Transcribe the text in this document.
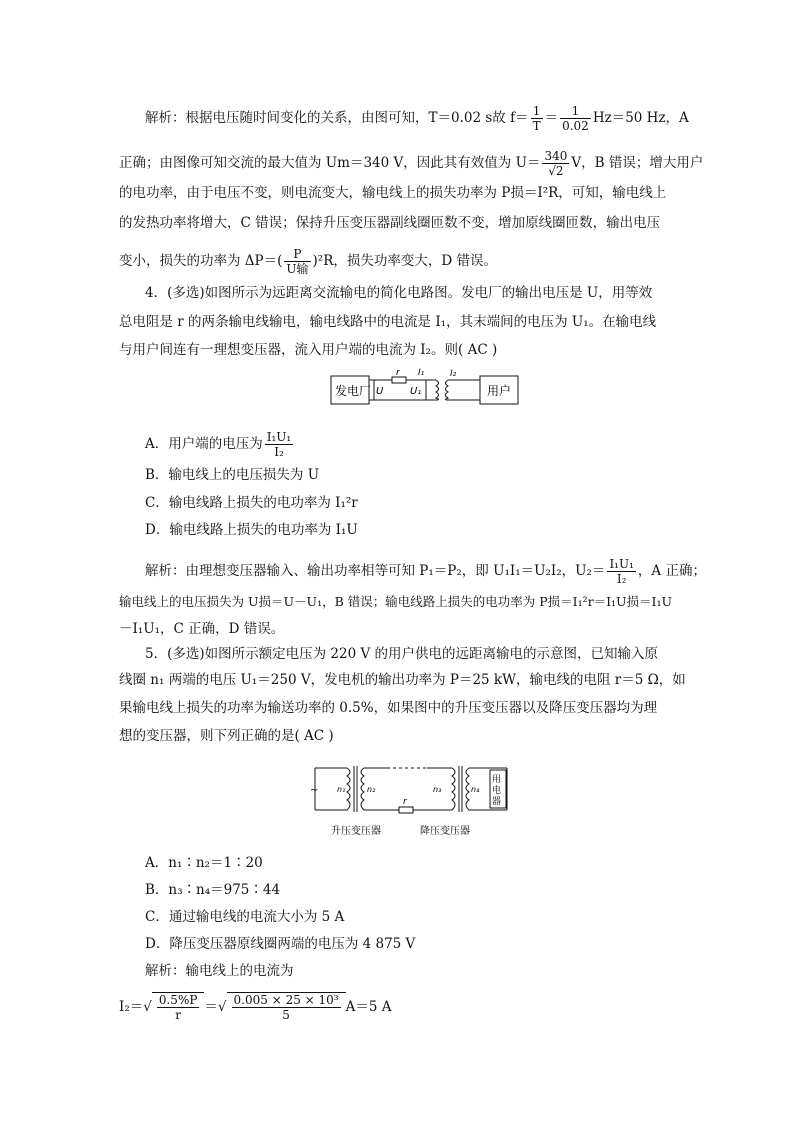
解析：根据电压随时间变化的关系，由图可知，T＝0.02 s故 $f= \frac{1}{T} = \frac{1}{0.02} Hz=50$ Hz，A
正确；由图像可知交流的最大值为 Um＝340 V，因此其有效值为 $U= \frac{340}{√2}$ V，B 错误；增大用户
的电功率，由于电压不变，则电流变大，输电线上的损失功率为 P损＝I²R，可知，输电线上
的发热功率将增大，C 错误；保持升压变压器副线圈匝数不变，增加原线圈匝数，输出电压
变小，损失的功率为 ΔP＝( P
U输 )²R，损失功率变大，D 错误。
4．(多选)如图所示为远距离交流输电的简化电路图。发电厂的输出电压是 U，用等效
总电阻是 r 的两条输电线输电，输电线路中的电流是 I₁，其末端间的电压为 U₁。在输电线
与用户间连有一理想变压器，流入用户端的电流为 I₂。则( AC )
发电厂 U	U₁
r I₁	I₂
用户
A．用户端的电压为 $\frac{\text{I₁U₁}}{\text{I₂}}$
B．输电线上的电压损失为 U
C．输电线路上损失的电功率为 I₁²r
D．输电线路上损失的电功率为 I₁U
解析：由理想变压器输入、输出功率相等可知 P₁＝P₂，即 U₁I₁＝U₂I₂，$U_2= \frac{\text{I₁U₁}}{\text{I₂}}$ ，A 正确；
输电线上的电压损失为 U损＝U－U₁，B 错误；输电线路上损失的电功率为 P损＝I₁²r＝I₁U损＝I₁U
－I₁U₁，C 正确，D 错误。
5．(多选)如图所示额定电压为 220 V 的用户供电的远距离输电的示意图，已知输入原
线圈 n₁ 两端的电压 U₁＝250 V，发电机的输出功率为 P＝25 kW，输电线的电阻 r＝5 Ω，如
果输电线上损失的功率为输送功率的 0.5%，如果图中的升压变压器以及降压变压器均为理
想的变压器，则下列正确的是( AC )
~ n₁	n₂
r
n₃	n₄
用
电
器
升压变压器	降压变压器
A．n₁∶n₂＝1∶20
B．n₃∶n₄＝975∶44
C．通过输电线的电流大小为 5 A
D．降压变压器原线圈两端的电压为 4 875 V
解析：输电线上的电流为
$I_2=√ \frac{0.5\%P}{r}$ ＝√ $\frac{\text{0.005 × 25 × 10³}}{5} A=5$ A
